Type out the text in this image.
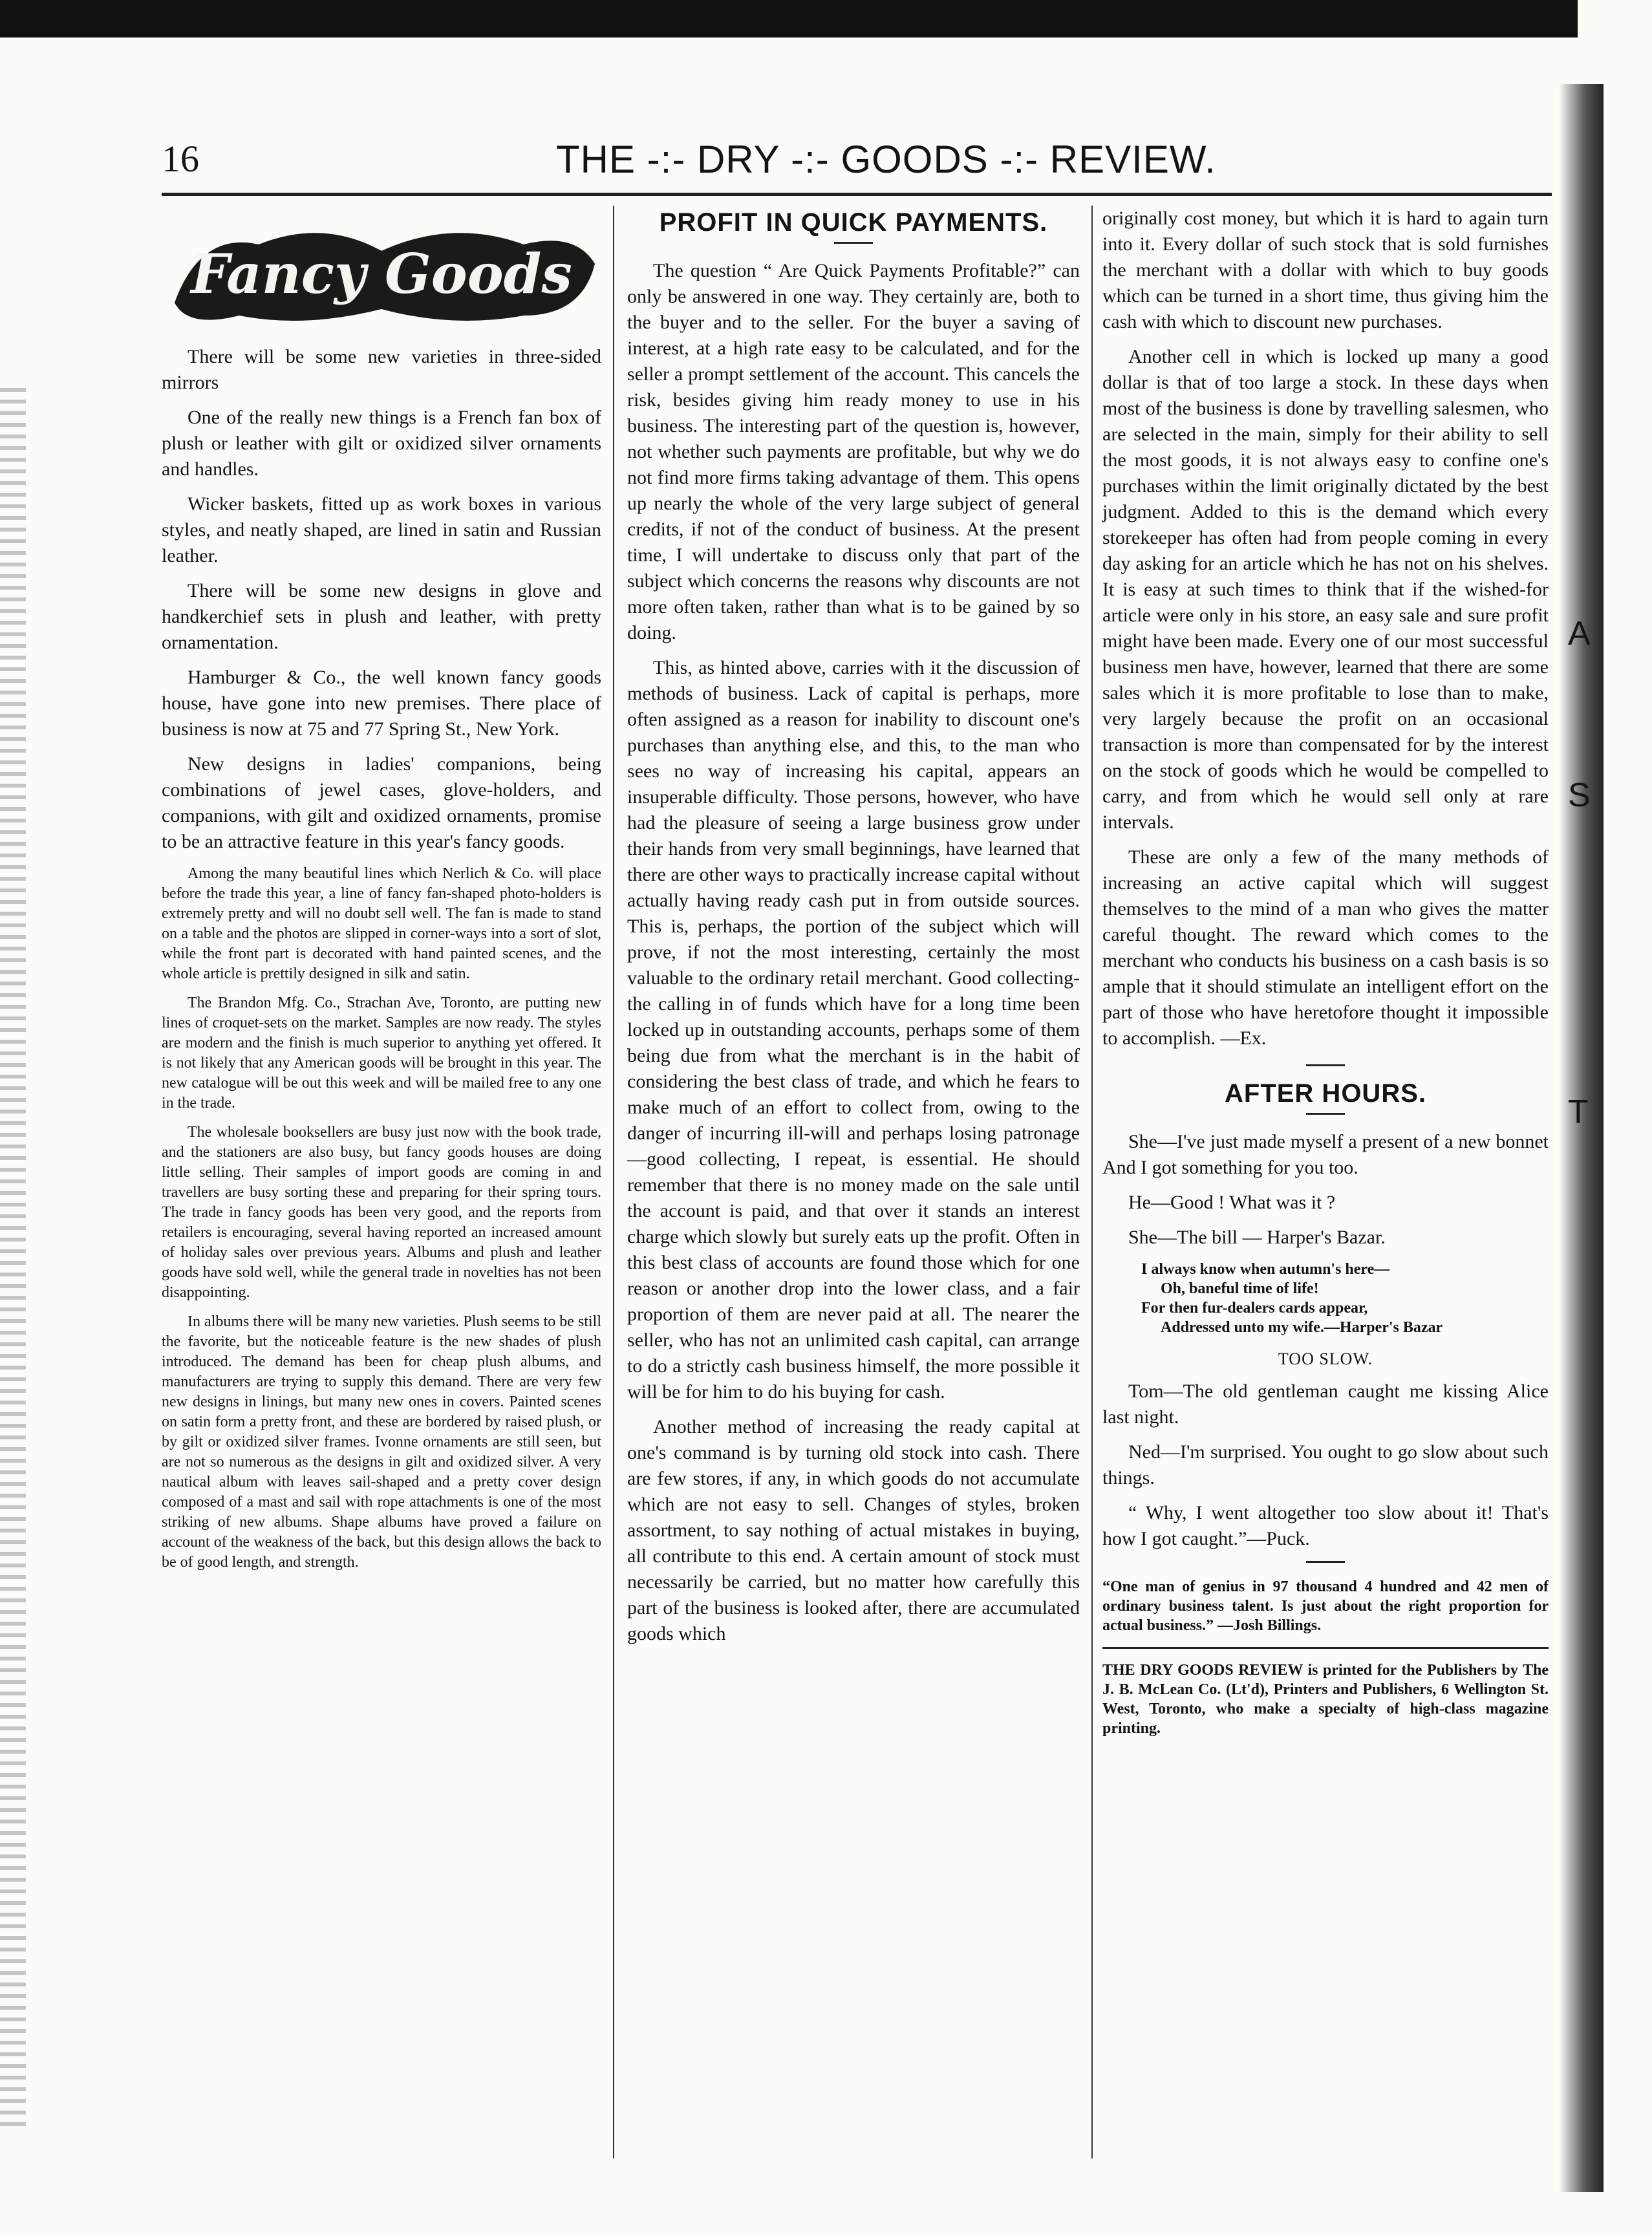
16	THE -:- DRY -:- GOODS -:- REVIEW.
Fancy Goods

There will be some new varieties in three-sided mirrors

One of the really new things is a French fan box of plush or leather with gilt or oxidized silver ornaments and handles.

Wicker baskets, fitted up as work boxes in various styles, and neatly shaped, are lined in satin and Russian leather.

There will be some new designs in glove and handkerchief sets in plush and leather, with pretty ornamentation.

Hamburger & Co., the well known fancy goods house, have gone into new premises. There place of business is now at 75 and 77 Spring St., New York.

New designs in ladies' companions, being combinations of jewel cases, glove-holders, and companions, with gilt and oxidized ornaments, promise to be an attractive feature in this year's fancy goods.

Among the many beautiful lines which Nerlich & Co. will place before the trade this year, a line of fancy fan-shaped photo-holders is extremely pretty and will no doubt sell well. The fan is made to stand on a table and the photos are slipped in corner-ways into a sort of slot, while the front part is decorated with hand painted scenes, and the whole article is prettily designed in silk and satin.

The Brandon Mfg. Co., Strachan Ave, Toronto, are putting new lines of croquet-sets on the market. Samples are now ready. The styles are modern and the finish is much superior to anything yet offered. It is not likely that any American goods will be brought in this year. The new catalogue will be out this week and will be mailed free to any one in the trade.

The wholesale booksellers are busy just now with the book trade, and the stationers are also busy, but fancy goods houses are doing little selling. Their samples of import goods are coming in and travellers are busy sorting these and preparing for their spring tours. The trade in fancy goods has been very good, and the reports from retailers is encouraging, several having reported an increased amount of holiday sales over previous years. Albums and plush and leather goods have sold well, while the general trade in novelties has not been disappointing.

In albums there will be many new varieties. Plush seems to be still the favorite, but the noticeable feature is the new shades of plush introduced. The demand has been for cheap plush albums, and manufacturers are trying to supply this demand. There are very few new designs in linings, but many new ones in covers. Painted scenes on satin form a pretty front, and these are bordered by raised plush, or by gilt or oxidized silver frames. Ivonne ornaments are still seen, but are not so numerous as the designs in gilt and oxidized silver. A very nautical album with leaves sail-shaped and a pretty cover design composed of a mast and sail with rope attachments is one of the most striking of new albums. Shape albums have proved a failure on account of the weakness of the back, but this design allows the back to be of good length, and strength.

PROFIT IN QUICK PAYMENTS.

The question “ Are Quick Payments Profitable?” can only be answered in one way. They certainly are, both to the buyer and to the seller. For the buyer a saving of interest, at a high rate easy to be calculated, and for the seller a prompt settlement of the account. This cancels the risk, besides giving him ready money to use in his business. The interesting part of the question is, however, not whether such payments are profitable, but why we do not find more firms taking advantage of them. This opens up nearly the whole of the very large subject of general credits, if not of the conduct of business. At the present time, I will undertake to discuss only that part of the subject which concerns the reasons why discounts are not more often taken, rather than what is to be gained by so doing.

This, as hinted above, carries with it the discussion of methods of business. Lack of capital is perhaps, more often assigned as a reason for inability to discount one's purchases than anything else, and this, to the man who sees no way of increasing his capital, appears an insuperable difficulty. Those persons, however, who have had the pleasure of seeing a large business grow under their hands from very small beginnings, have learned that there are other ways to practically increase capital without actually having ready cash put in from outside sources. This is, perhaps, the portion of the subject which will prove, if not the most interesting, certainly the most valuable to the ordinary retail merchant. Good collecting- the calling in of funds which have for a long time been locked up in outstanding accounts, perhaps some of them being due from what the merchant is in the habit of considering the best class of trade, and which he fears to make much of an effort to collect from, owing to the danger of incurring ill-will and perhaps losing patronage—good collecting, I repeat, is essential. He should remember that there is no money made on the sale until the account is paid, and that over it stands an interest charge which slowly but surely eats up the profit. Often in this best class of accounts are found those which for one reason or another drop into the lower class, and a fair proportion of them are never paid at all. The nearer the seller, who has not an unlimited cash capital, can arrange to do a strictly cash business himself, the more possible it will be for him to do his buying for cash.

Another method of increasing the ready capital at one's command is by turning old stock into cash. There are few stores, if any, in which goods do not accumulate which are not easy to sell. Changes of styles, broken assortment, to say nothing of actual mistakes in buying, all contribute to this end. A certain amount of stock must necessarily be carried, but no matter how carefully this part of the business is looked after, there are accumulated goods which

originally cost money, but which it is hard to again turn into it. Every dollar of such stock that is sold furnishes the merchant with a dollar with which to buy goods which can be turned in a short time, thus giving him the cash with which to discount new purchases.

Another cell in which is locked up many a good dollar is that of too large a stock. In these days when most of the business is done by travelling salesmen, who are selected in the main, simply for their ability to sell the most goods, it is not always easy to confine one's purchases within the limit originally dictated by the best judgment. Added to this is the demand which every storekeeper has often had from people coming in every day asking for an article which he has not on his shelves. It is easy at such times to think that if the wished-for article were only in his store, an easy sale and sure profit might have been made. Every one of our most successful business men have, however, learned that there are some sales which it is more profitable to lose than to make, very largely because the profit on an occasional transaction is more than compensated for by the interest on the stock of goods which he would be compelled to carry, and from which he would sell only at rare intervals.

These are only a few of the many methods of increasing an active capital which will suggest themselves to the mind of a man who gives the matter careful thought. The reward which comes to the merchant who conducts his business on a cash basis is so ample that it should stimulate an intelligent effort on the part of those who have heretofore thought it impossible to accomplish. —Ex.

AFTER HOURS.

She—I've just made myself a present of a new bonnet And I got something for you too.

He—Good ! What was it ?

She—The bill — Harper's Bazar.

I always know when autumn's here—
Oh, baneful time of life!
For then fur-dealers cards appear,
Addressed unto my wife.—Harper's Bazar
TOO SLOW.

Tom—The old gentleman caught me kissing Alice last night.

Ned—I'm surprised. You ought to go slow about such things.

“ Why, I went altogether too slow about it! That's how I got caught.”—Puck.

“One man of genius in 97 thousand 4 hundred and 42 men of ordinary business talent. Is just about the right proportion for actual business.” —Josh Billings.
THE DRY GOODS REVIEW is printed for the Publishers by The J. B. McLean Co. (Lt'd), Printers and Publishers, 6 Wellington St. West, Toronto, who make a specialty of high-class magazine printing.
A
S
T
